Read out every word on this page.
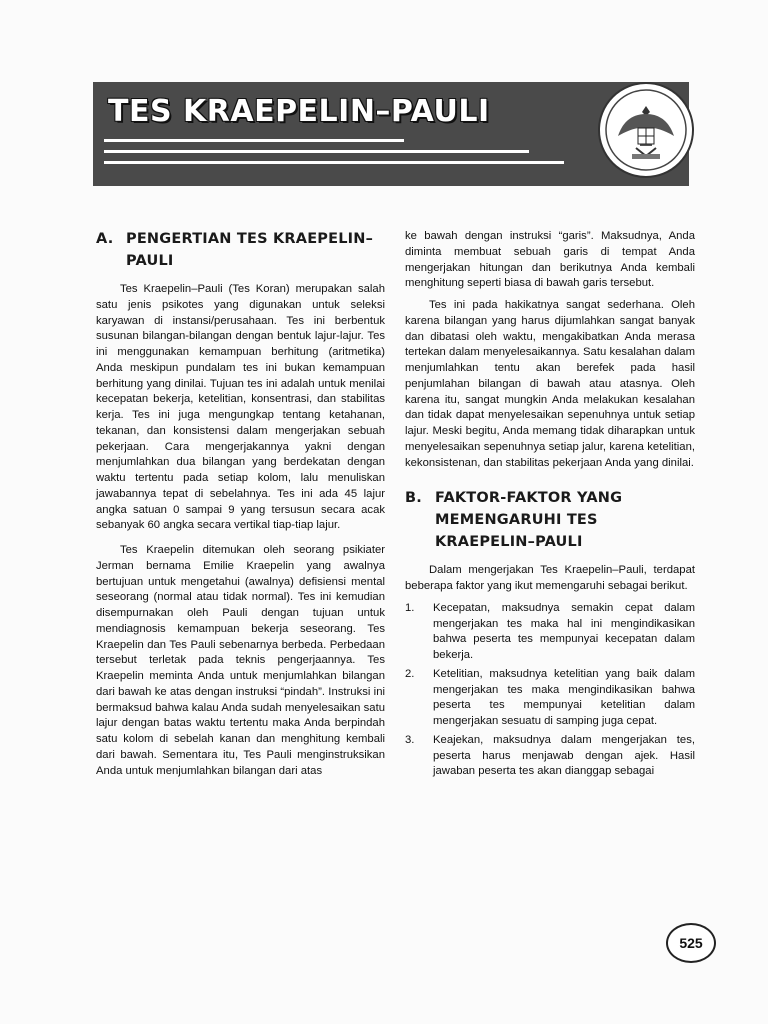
TES KRAEPELIN–PAULI
A. PENGERTIAN TES KRAEPELIN–PAULI

Tes Kraepelin–Pauli (Tes Koran) merupakan salah satu jenis psikotes yang digunakan untuk seleksi karyawan di instansi/perusahaan. Tes ini berbentuk susunan bilangan-bilangan dengan bentuk lajur-lajur. Tes ini menggunakan kemampuan berhitung (aritmetika) Anda meskipun pundalam tes ini bukan kemampuan berhitung yang dinilai. Tujuan tes ini adalah untuk menilai kecepatan bekerja, ketelitian, konsentrasi, dan stabilitas kerja. Tes ini juga mengungkap tentang ketahanan, tekanan, dan konsistensi dalam mengerjakan sebuah pekerjaan. Cara mengerjakannya yakni dengan menjumlahkan dua bilangan yang berdekatan dengan waktu tertentu pada setiap kolom, lalu menuliskan jawabannya tepat di sebelahnya. Tes ini ada 45 lajur angka satuan 0 sampai 9 yang tersusun secara acak sebanyak 60 angka secara vertikal tiap-tiap lajur.

Tes Kraepelin ditemukan oleh seorang psikiater Jerman bernama Emilie Kraepelin yang awalnya bertujuan untuk mengetahui (awalnya) defisiensi mental seseorang (normal atau tidak normal). Tes ini kemudian disempurnakan oleh Pauli dengan tujuan untuk mendiagnosis kemampuan bekerja seseorang. Tes Kraepelin dan Tes Pauli sebenarnya berbeda. Perbedaan tersebut terletak pada teknis pengerjaannya. Tes Kraepelin meminta Anda untuk menjumlahkan bilangan dari bawah ke atas dengan instruksi “pindah”. Instruksi ini bermaksud bahwa kalau Anda sudah menyelesaikan satu lajur dengan batas waktu tertentu maka Anda berpindah satu kolom di sebelah kanan dan menghitung kembali dari bawah. Sementara itu, Tes Pauli menginstruksikan Anda untuk menjumlahkan bilangan dari atas

ke bawah dengan instruksi “garis”. Maksudnya, Anda diminta membuat sebuah garis di tempat Anda mengerjakan hitungan dan berikutnya Anda kembali menghitung seperti biasa di bawah garis tersebut.

Tes ini pada hakikatnya sangat sederhana. Oleh karena bilangan yang harus dijumlahkan sangat banyak dan dibatasi oleh waktu, mengakibatkan Anda merasa tertekan dalam menyelesaikannya. Satu kesalahan dalam menjumlahkan tentu akan berefek pada hasil penjumlahan bilangan di bawah atau atasnya. Oleh karena itu, sangat mungkin Anda melakukan kesalahan dan tidak dapat menyelesaikan sepenuhnya untuk setiap lajur. Meski begitu, Anda memang tidak diharapkan untuk menyelesaikan sepenuhnya setiap jalur, karena ketelitian, kekonsistenan, dan stabilitas pekerjaan Anda yang dinilai.

B. FAKTOR-FAKTOR YANG MEMENGARUHI TES KRAEPELIN–PAULI

Dalam mengerjakan Tes Kraepelin–Pauli, terdapat beberapa faktor yang ikut memengaruhi sebagai berikut.

1.	Kecepatan, maksudnya semakin cepat dalam mengerjakan tes maka hal ini mengindikasikan bahwa peserta tes mempunyai kecepatan dalam bekerja.
2.	Ketelitian, maksudnya ketelitian yang baik dalam mengerjakan tes maka mengindikasikan bahwa peserta tes mempunyai ketelitian dalam mengerjakan sesuatu di samping juga cepat.
3.	Keajekan, maksudnya dalam mengerjakan tes, peserta harus menjawab dengan ajek. Hasil jawaban peserta tes akan dianggap sebagai
525
